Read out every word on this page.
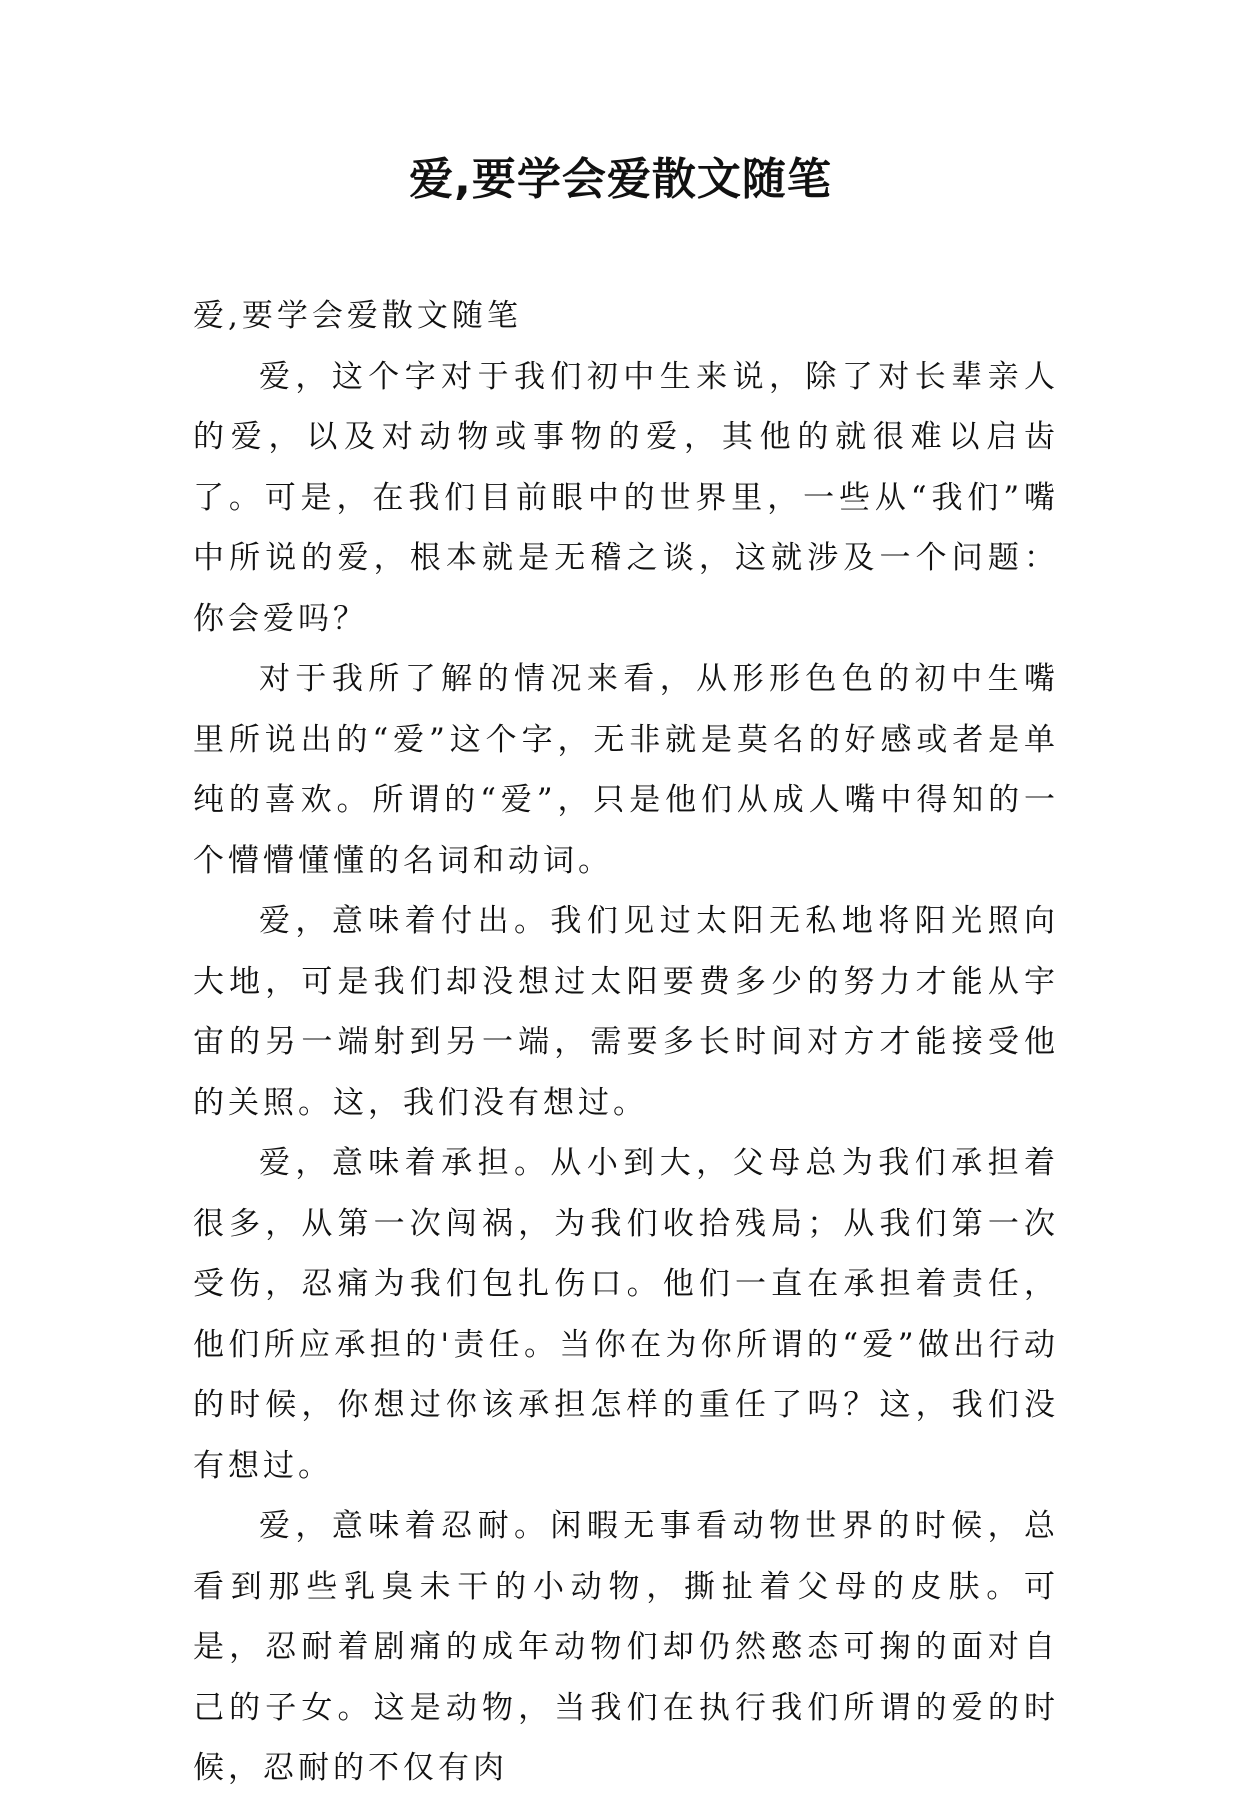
爱,要学会爱散文随笔

爱,要学会爱散文随笔

爱，这个字对于我们初中生来说，除了对长辈亲人的爱，以及对动物或事物的爱，其他的就很难以启齿了。可是，在我们目前眼中的世界里，一些从“我们”嘴中所说的爱，根本就是无稽之谈，这就涉及一个问题：你会爱吗？

对于我所了解的情况来看，从形形色色的初中生嘴里所说出的“爱”这个字，无非就是莫名的好感或者是单纯的喜欢。所谓的“爱”，只是他们从成人嘴中得知的一个懵懵懂懂的名词和动词。

爱，意味着付出。我们见过太阳无私地将阳光照向大地，可是我们却没想过太阳要费多少的努力才能从宇宙的另一端射到另一端，需要多长时间对方才能接受他的关照。这，我们没有想过。

爱，意味着承担。从小到大，父母总为我们承担着很多，从第一次闯祸，为我们收拾残局；从我们第一次受伤，忍痛为我们包扎伤口。他们一直在承担着责任，他们所应承担的'责任。当你在为你所谓的“爱”做出行动的时候，你想过你该承担怎样的重任了吗？这，我们没有想过。

爱，意味着忍耐。闲暇无事看动物世界的时候，总看到那些乳臭未干的小动物，撕扯着父母的皮肤。可是，忍耐着剧痛的成年动物们却仍然憨态可掬的面对自己的子女。这是动物，当我们在执行我们所谓的爱的时候，忍耐的不仅有肉
